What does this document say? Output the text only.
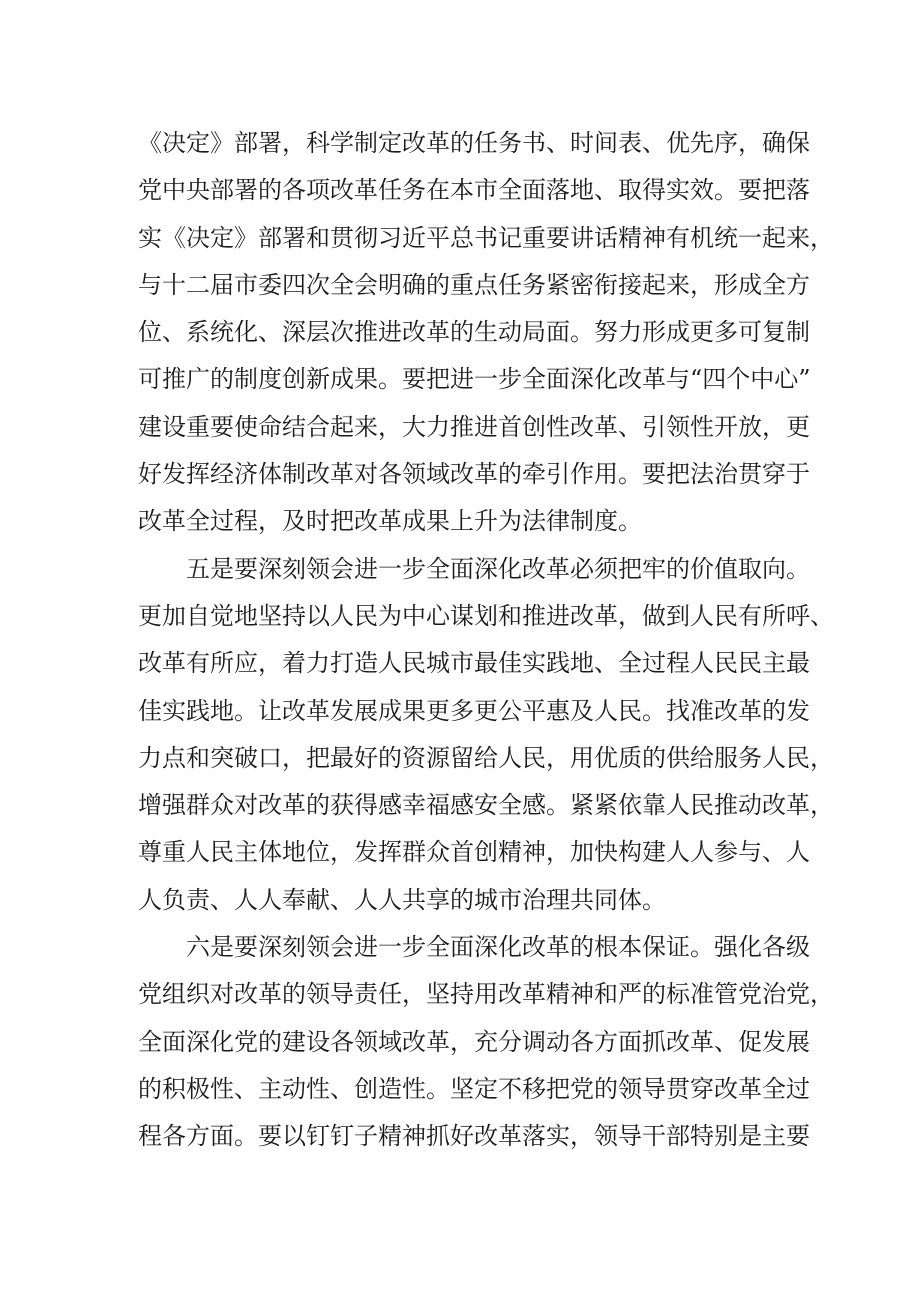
《决定》部署，科学制定改革的任务书、时间表、优先序，确保
党中央部署的各项改革任务在本市全面落地、取得实效。要把落
实《决定》部署和贯彻习近平总书记重要讲话精神有机统一起来，
与十二届市委四次全会明确的重点任务紧密衔接起来，形成全方
位、系统化、深层次推进改革的生动局面。努力形成更多可复制
可推广的制度创新成果。要把进一步全面深化改革与“四个中心”
建设重要使命结合起来，大力推进首创性改革、引领性开放，更
好发挥经济体制改革对各领域改革的牵引作用。要把法治贯穿于
改革全过程，及时把改革成果上升为法律制度。
五是要深刻领会进一步全面深化改革必须把牢的价值取向。
更加自觉地坚持以人民为中心谋划和推进改革，做到人民有所呼、
改革有所应，着力打造人民城市最佳实践地、全过程人民民主最
佳实践地。让改革发展成果更多更公平惠及人民。找准改革的发
力点和突破口，把最好的资源留给人民，用优质的供给服务人民，
增强群众对改革的获得感幸福感安全感。紧紧依靠人民推动改革，
尊重人民主体地位，发挥群众首创精神，加快构建人人参与、人
人负责、人人奉献、人人共享的城市治理共同体。
六是要深刻领会进一步全面深化改革的根本保证。强化各级
党组织对改革的领导责任，坚持用改革精神和严的标准管党治党，
全面深化党的建设各领域改革，充分调动各方面抓改革、促发展
的积极性、主动性、创造性。坚定不移把党的领导贯穿改革全过
程各方面。要以钉钉子精神抓好改革落实，领导干部特别是主要
